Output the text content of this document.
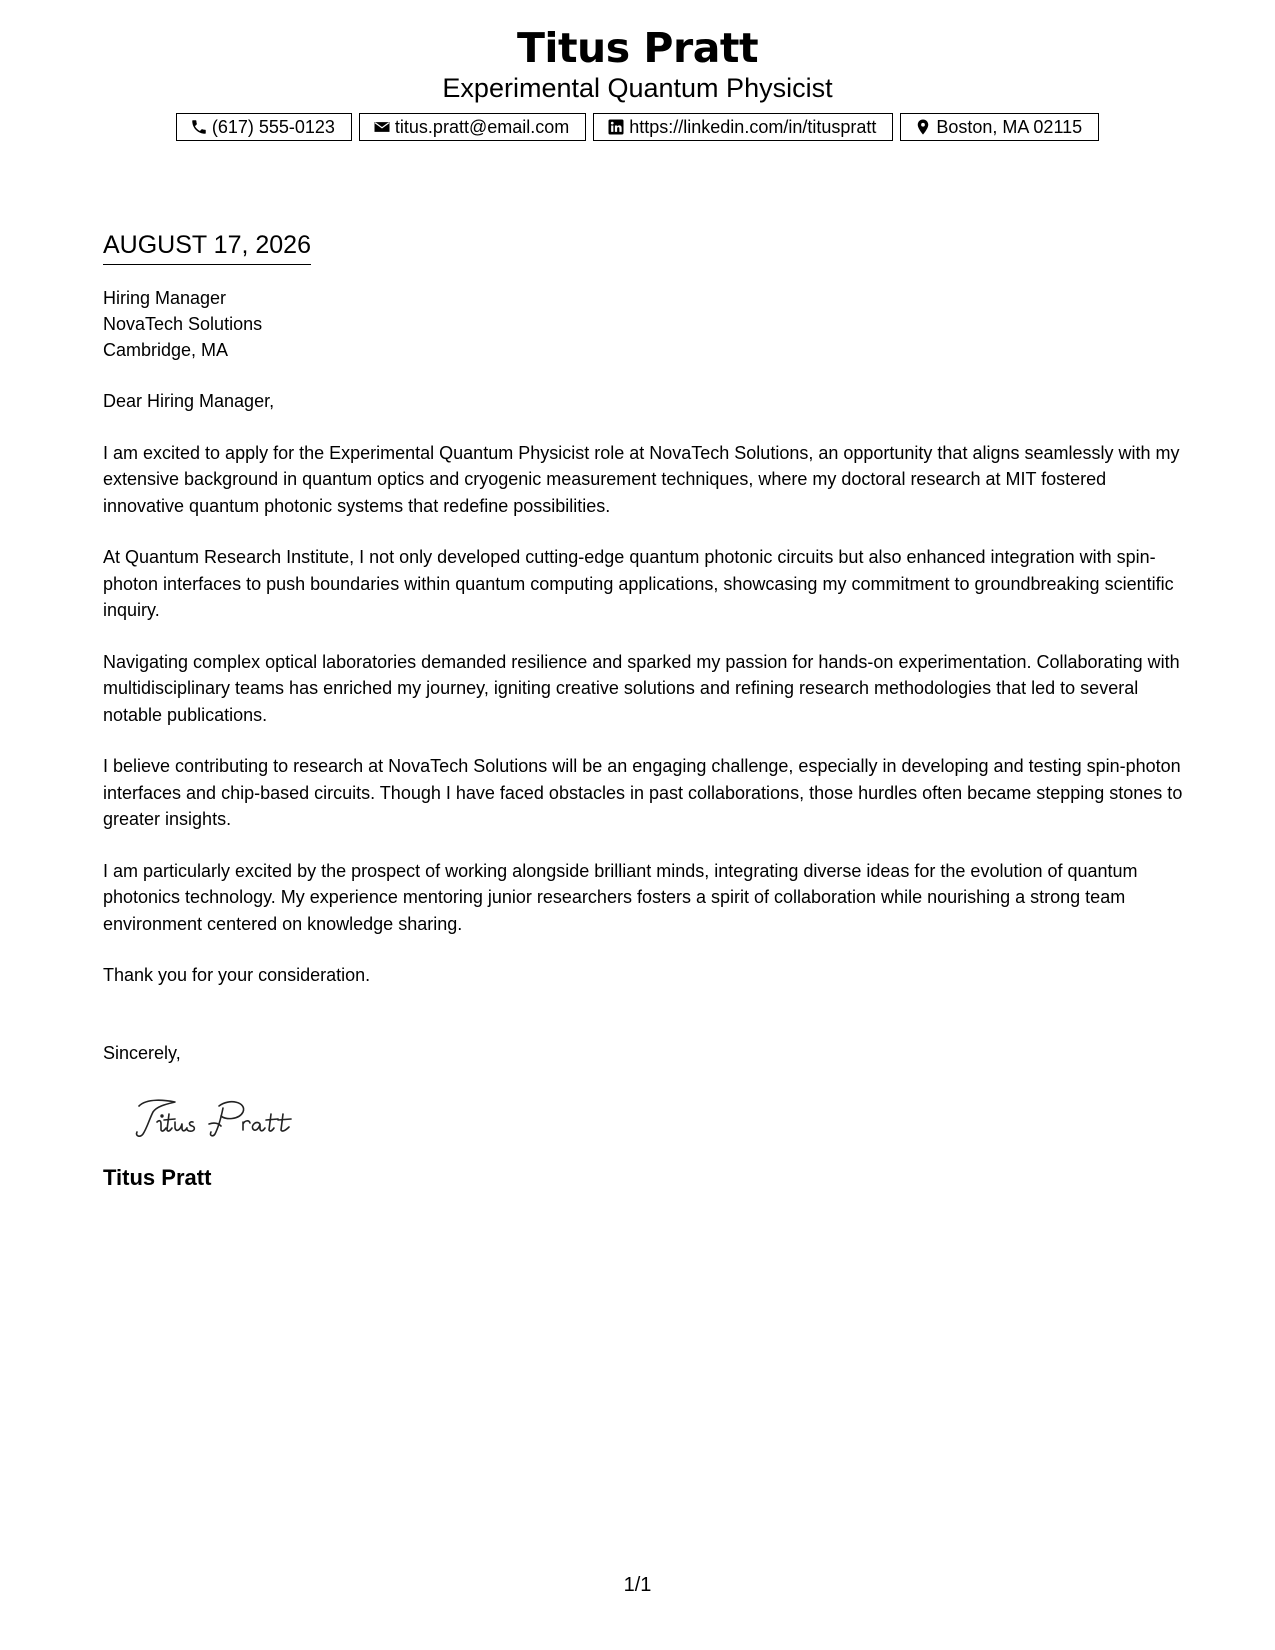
Titus Pratt
Experimental Quantum Physicist
(617) 555-0123	titus.pratt@email.com	https://linkedin.com/in/tituspratt	Boston, MA 02115
AUGUST 17, 2026
Hiring Manager
NovaTech Solutions
Cambridge, MA
Dear Hiring Manager,

I am excited to apply for the Experimental Quantum Physicist role at NovaTech Solutions, an opportunity that aligns seamlessly with my extensive background in quantum optics and cryogenic measurement techniques, where my doctoral research at MIT fostered innovative quantum photonic systems that redefine possibilities.

At Quantum Research Institute, I not only developed cutting-edge quantum photonic circuits but also enhanced integration with spin-photon interfaces to push boundaries within quantum computing applications, showcasing my commitment to groundbreaking scientific inquiry.

Navigating complex optical laboratories demanded resilience and sparked my passion for hands-on experimentation. Collaborating with multidisciplinary teams has enriched my journey, igniting creative solutions and refining research methodologies that led to several notable publications.

I believe contributing to research at NovaTech Solutions will be an engaging challenge, especially in developing and testing spin-photon interfaces and chip-based circuits. Though I have faced obstacles in past collaborations, those hurdles often became stepping stones to greater insights.

I am particularly excited by the prospect of working alongside brilliant minds, integrating diverse ideas for the evolution of quantum photonics technology. My experience mentoring junior researchers fosters a spirit of collaboration while nourishing a strong team environment centered on knowledge sharing.

Thank you for your consideration.
Sincerely,
Titus Pratt
1/1
